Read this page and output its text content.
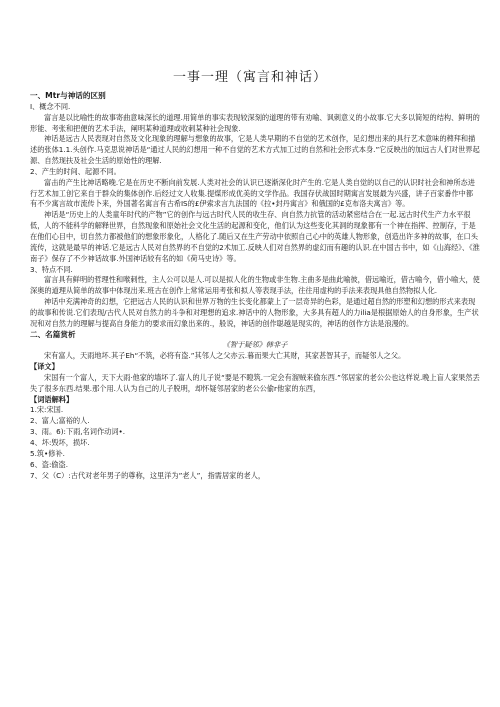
一事一理（寓言和神话）

一、Mtr与神话的区别

I、概念不同.

富言是以比喻性的故事寄曲意味深长的道理.用简单的事实表现较深刻的道理的带有劝喻、讽刺意义的小故事.它大多以简短的结构、鲜明的形能、考张和把便的艺术手法，阐明某种道理或收刺某种社会现象.

神话是远古人民表现对自然及文化现象的理解与想象的故事，它是人类早期的不自觉的艺术创作，足幻想出来的具行艺术意味的稗拜和描述的张体1.1.头创作.马克思说神话是“通过人民的幻想用一种不自觉的艺术方式加工过的自然和社会形式本身.”它反映出的加远古人们对世界起源、自然现扶及社会生活的原始性的理解.

2、产生的时间、起源不同。

富击的产生比神话略晚.它是在历史不断向前发展.人类对社会的认识已逐渐深化时产生的.它是人类自觉的以自己的认识时社会和神所态进行艺术加工创它来自于群众的集体创作.后经过文人收集.提煤形成优美的文学作品。我国存伏战国时期寓言发展最为兴盛，讲子百家番作中都有不少寓言故市流传卜来，外国著名寓言有古希IS的£伊索求言九法国的《拉•封丹寓言》和俄国的£克布洛夫寓言》等。

神话是“历史上的人类童年时代的产物”它的创作与远古时代人民的收生存、向自然力抗管的活动紧密结合在一起.远古时代生产力水平很低，人的不能科学的解释世界，自然现象和原始社会文化生活的起源和变化，他们认为这些变化其洞的现象都有一个神在指挥、控制存，于是在他们心目中，切自然力都被他们的想象形象化，人格化了.随后又在生产劳动中依照自己心中的英雄人物形象，创造出许多神的故事，在口头流传，这就是最早的神话.它是远古人民对自然界的不自觉的2术加工.反映人们对自然界的虚幻而有趣的认识.在中国古书中，如《山海经》、《淮南子》保存了不少神话故事.外国神话较有名的如《荷马史诗》等。

3、特点不同.

富言具有鲜明的哲理性和喉刺性，主人公可以是人.可以是拟人化的生物或非生物.主曲多是曲此喻彼，借远喻近，借古喻今，借小喻大，使深奥的道理从简单的故事中体现出来.班古在创作上常常运用考张和拟人等表现手法，往往用虚构的手法来表现具他自然物拟人化.

神话中充满神奇的幻想，它把远古人民的认识和世界万物的生长变化都蒙上了一层奇异的色彩，是通过超自然的形塑和幻想的形式来表现的故事和传说.它们表现/古代人民对自然力的斗争和对理想的追求.神话中的人物形象，大多具有超人的力ilia是根据原始人的自身形象，生产状况和对自然力的理解与提高自身能力的要求而幻象出来的.，般说，神话的创作聪越是现实的，神话的创作方法是浪漫的。

二、名篇赏析

《智于疑邻》韩非子

宋有富人，天雨地坏.其子Eh“不筑，必将有盗.”其邻人之父亦云.暮而果大亡其财，其家甚智其子，而疑邻人之父。

【译文】

宋国有一个富人，天下大雨·他家的墙坏了.富人的儿子说“要是不瞪筑.一定会有溜贼来偷东西.”邻居家的老公公也这样说.晚上盲人家果然丢失了很多东西.结果.那个用.人认为自己的儿子脱明，却怀疑邻居家的老公公偷r他家的东西，

【词语解料】

1.宋:宋国.

2、富人;富裕的人.

3、雨。6):下雨,名词作动词•.

4、坏:毁坏，损坏.

5.筑•修补.

6、盗:偷盗.

7、父（C）:古代对老年男子的尊称，这里洋为”老人”，指需居家的老人，
